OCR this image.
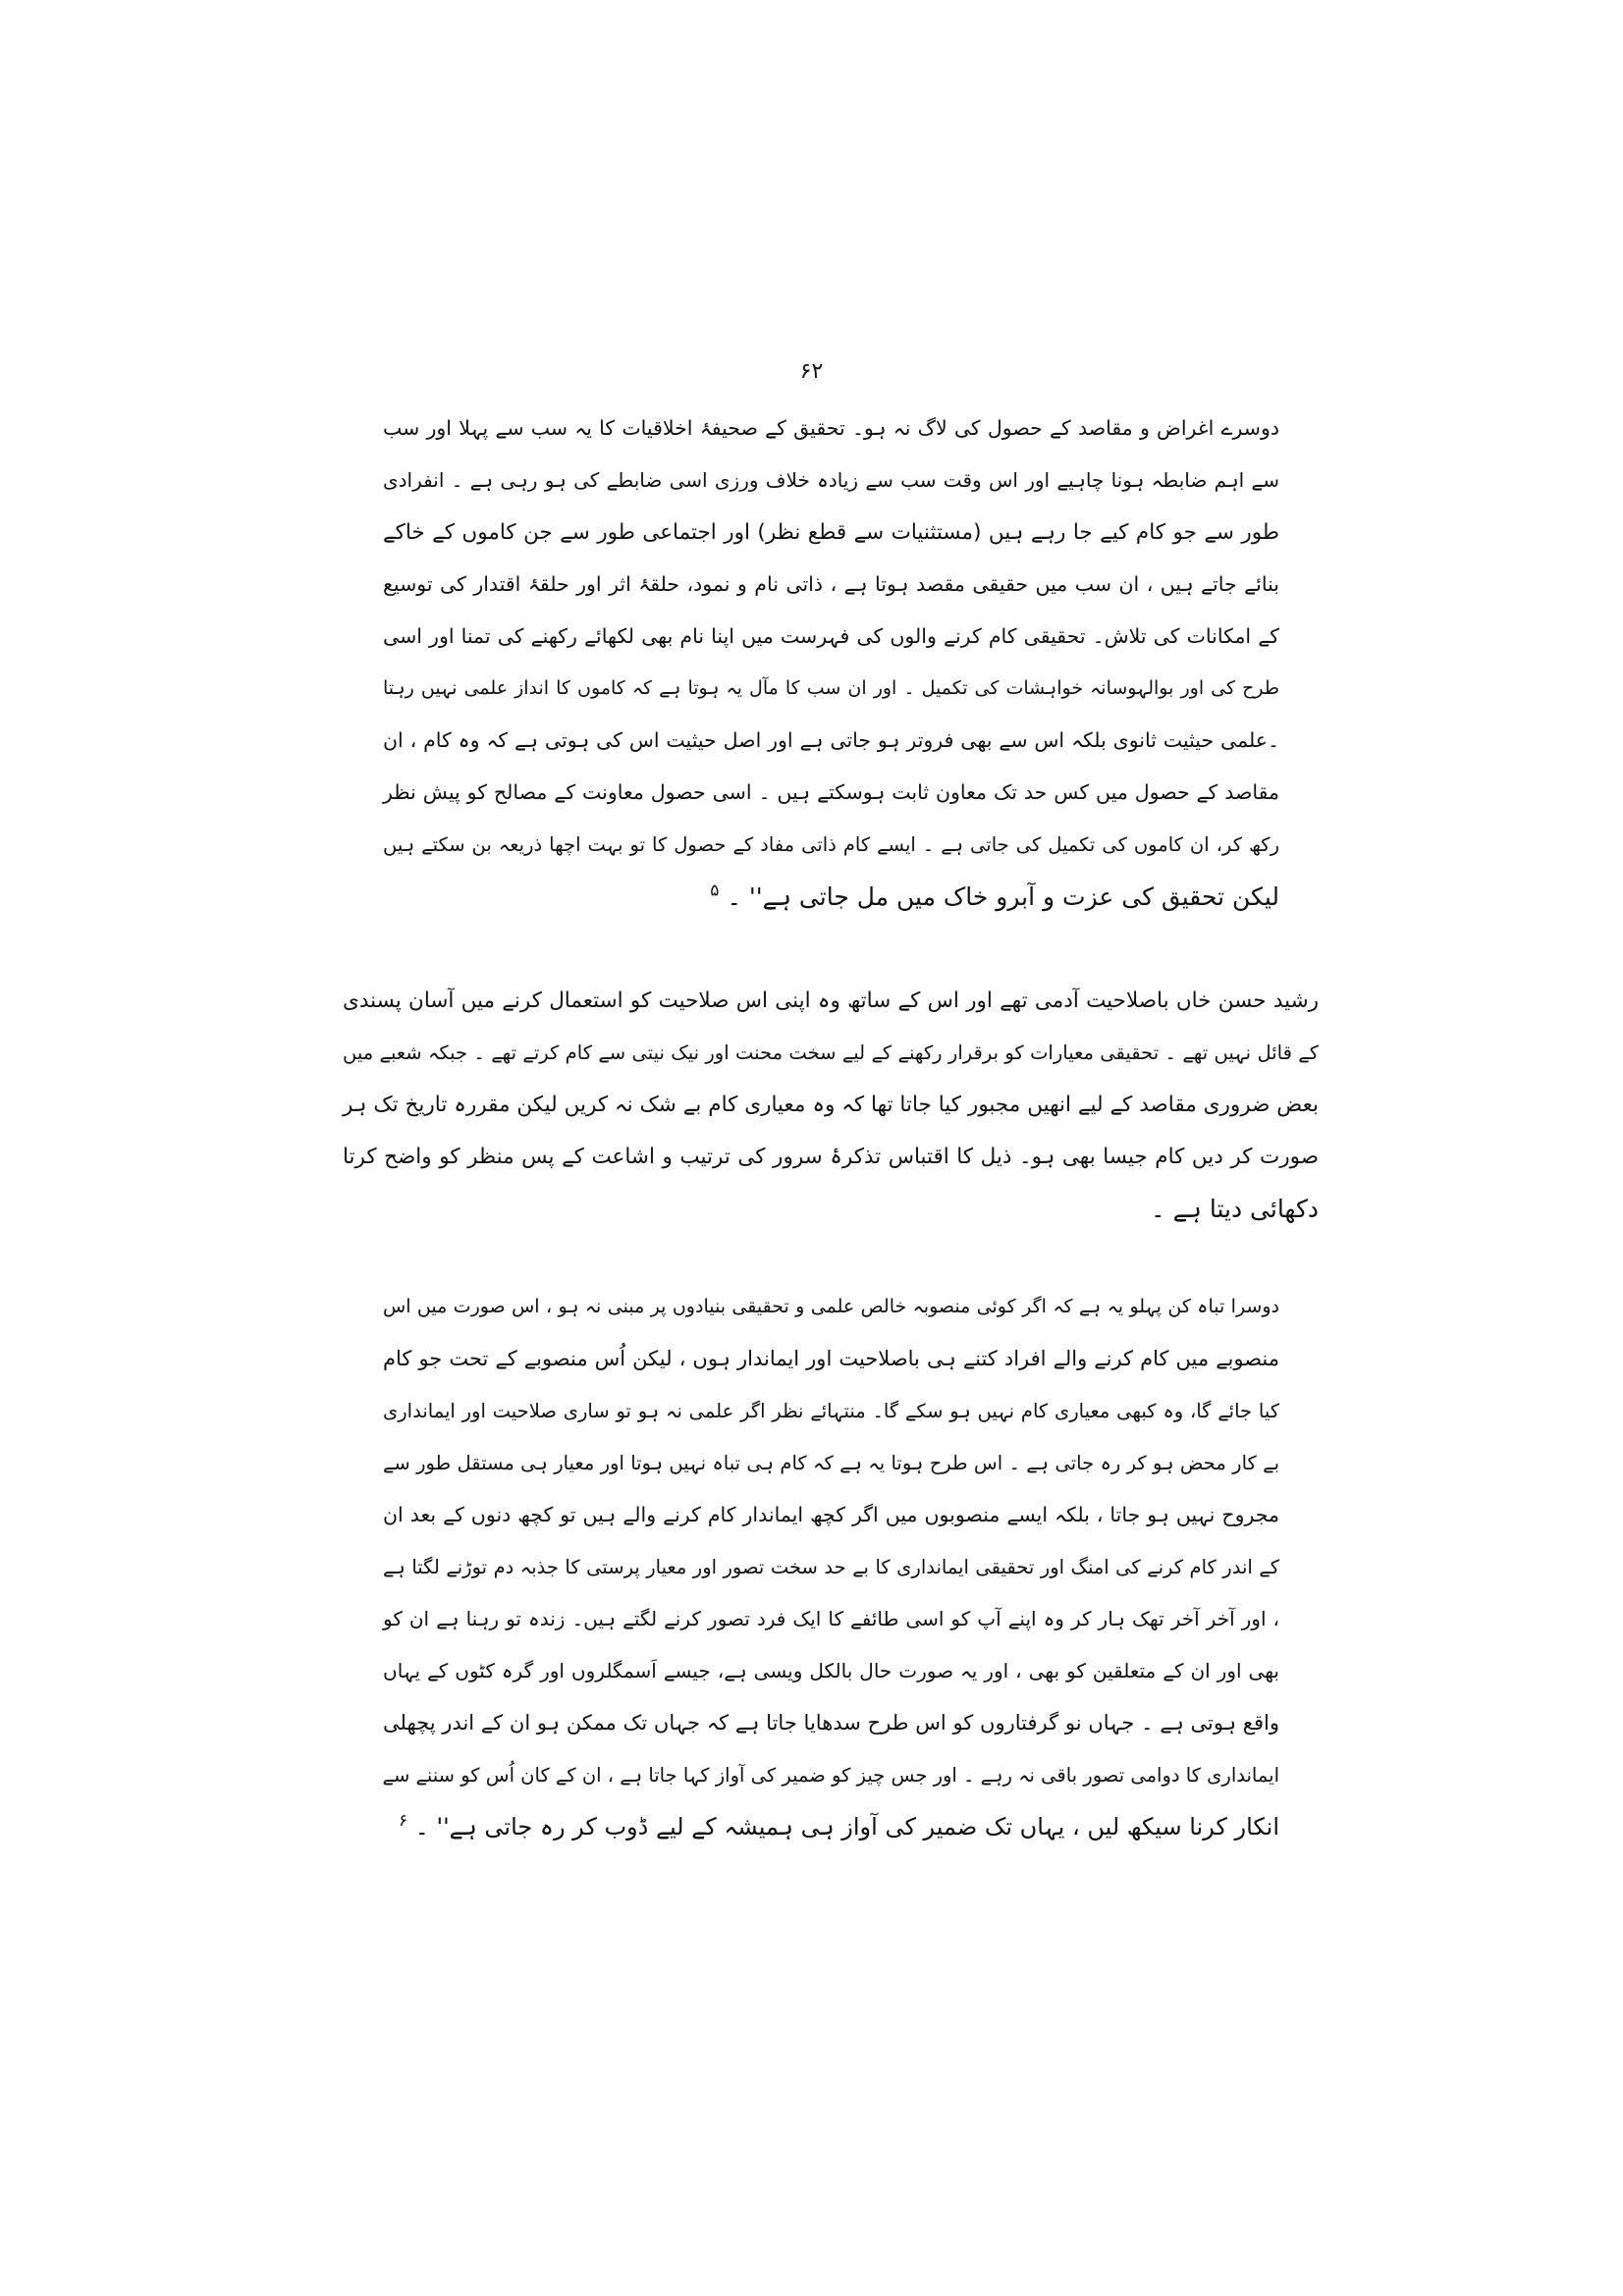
۶۲
دوسرے اغراض و مقاصد کے حصول کی لاگ نہ ہو۔ تحقیق کے صحیفۂ اخلاقیات کا یہ سب سے پہلا اور سب
سے اہم ضابطہ ہونا چاہیے اور اس وقت سب سے زیادہ خلاف ورزی اسی ضابطے کی ہو رہی ہے ۔ انفرادی
طور سے جو کام کیے جا رہے ہیں (مستثنیات سے قطع نظر) اور اجتماعی طور سے جن کاموں کے خاکے
بنائے جاتے ہیں ، ان سب میں حقیقی مقصد ہوتا ہے ، ذاتی نام و نمود، حلقۂ اثر اور حلقۂ اقتدار کی توسیع
کے امکانات کی تلاش۔ تحقیقی کام کرنے والوں کی فہرست میں اپنا نام بھی لکھائے رکھنے کی تمنا اور اسی
طرح کی اور بوالہوسانہ خواہشات کی تکمیل ۔ اور ان سب کا مآل یہ ہوتا ہے کہ کاموں کا انداز علمی نہیں رہتا
۔علمی حیثیت ثانوی بلکہ اس سے بھی فروتر ہو جاتی ہے اور اصل حیثیت اس کی ہوتی ہے کہ وہ کام ، ان
مقاصد کے حصول میں کس حد تک معاون ثابت ہوسکتے ہیں ۔ اسی حصول معاونت کے مصالح کو پیش نظر
رکھ کر، ان کاموں کی تکمیل کی جاتی ہے ۔ ایسے کام ذاتی مفاد کے حصول کا تو بہت اچھا ذریعہ بن سکتے ہیں
لیکن تحقیق کی عزت و آبرو خاک میں مل جاتی ہے'' ۔ $^۵$
رشید حسن خاں باصلاحیت آدمی تھے اور اس کے ساتھ وہ اپنی اس صلاحیت کو استعمال کرنے میں آسان پسندی
کے قائل نہیں تھے ۔ تحقیقی معیارات کو برقرار رکھنے کے لیے سخت محنت اور نیک نیتی سے کام کرتے تھے ۔ جبکہ شعبے میں
بعض ضروری مقاصد کے لیے انھیں مجبور کیا جاتا تھا کہ وہ معیاری کام بے شک نہ کریں لیکن مقررہ تاریخ تک ہر
صورت کر دیں کام جیسا بھی ہو۔ ذیل کا اقتباس تذکرۂ سرور کی ترتیب و اشاعت کے پس منظر کو واضح کرتا
دکھائی دیتا ہے ۔
دوسرا تباہ کن پہلو یہ ہے کہ اگر کوئی منصوبہ خالص علمی و تحقیقی بنیادوں پر مبنی نہ ہو ، اس صورت میں اس
منصوبے میں کام کرنے والے افراد کتنے ہی باصلاحیت اور ایماندار ہوں ، لیکن اُس منصوبے کے تحت جو کام
کیا جائے گا، وہ کبھی معیاری کام نہیں ہو سکے گا۔ منتہائے نظر اگر علمی نہ ہو تو ساری صلاحیت اور ایمانداری
بے کار محض ہو کر رہ جاتی ہے ۔ اس طرح ہوتا یہ ہے کہ کام ہی تباہ نہیں ہوتا اور معیار ہی مستقل طور سے
مجروح نہیں ہو جاتا ، بلکہ ایسے منصوبوں میں اگر کچھ ایماندار کام کرنے والے ہیں تو کچھ دنوں کے بعد ان
کے اندر کام کرنے کی امنگ اور تحقیقی ایمانداری کا بے حد سخت تصور اور معیار پرستی کا جذبہ دم توڑنے لگتا ہے
، اور آخر آخر تھک ہار کر وہ اپنے آپ کو اسی طائفے کا ایک فرد تصور کرنے لگتے ہیں۔ زندہ تو رہنا ہے ان کو
بھی اور ان کے متعلقین کو بھی ، اور یہ صورت حال بالکل ویسی ہے، جیسے اَسمگلروں اور گرہ کٹوں کے یہاں
واقع ہوتی ہے ۔ جہاں نو گرفتاروں کو اس طرح سدھایا جاتا ہے کہ جہاں تک ممکن ہو ان کے اندر پچھلی
ایمانداری کا دوامی تصور باقی نہ رہے ۔ اور جس چیز کو ضمیر کی آواز کہا جاتا ہے ، ان کے کان اُس کو سننے سے
انکار کرنا سیکھ لیں ، یہاں تک ضمیر کی آواز ہی ہمیشہ کے لیے ڈوب کر رہ جاتی ہے'' ۔ $^۶$
